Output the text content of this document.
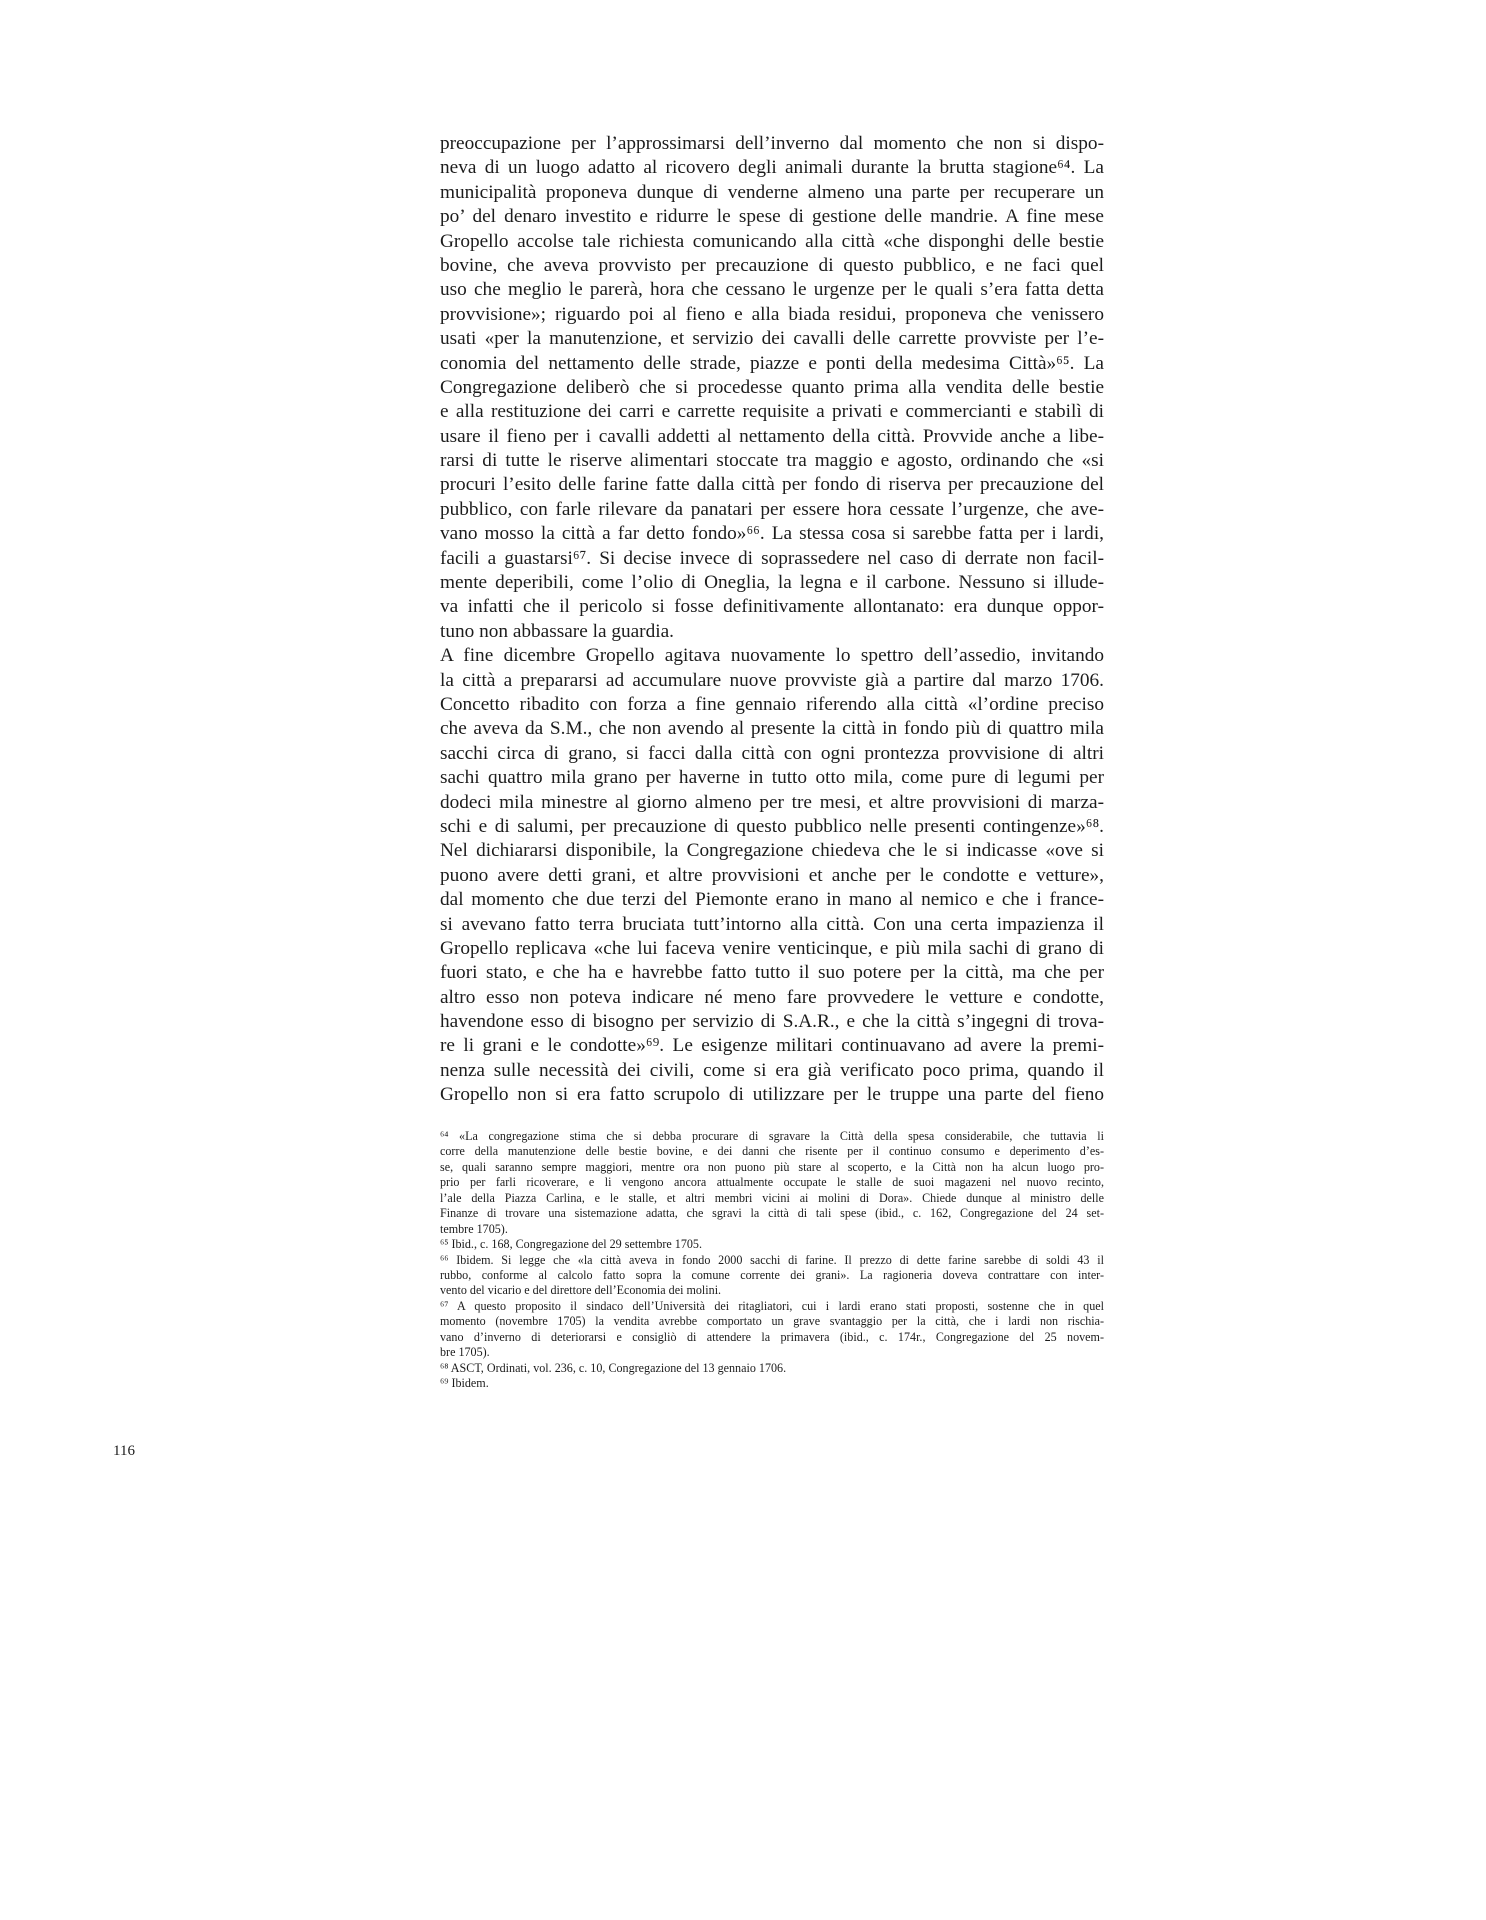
preoccupazione per l’approssimarsi dell’inverno dal momento che non si dispo-
neva di un luogo adatto al ricovero degli animali durante la brutta stagione⁶⁴. La
municipalità proponeva dunque di venderne almeno una parte per recuperare un
po’ del denaro investito e ridurre le spese di gestione delle mandrie. A fine mese
Gropello accolse tale richiesta comunicando alla città «che disponghi delle bestie
bovine, che aveva provvisto per precauzione di questo pubblico, e ne faci quel
uso che meglio le parerà, hora che cessano le urgenze per le quali s’era fatta detta
provvisione»; riguardo poi al fieno e alla biada residui, proponeva che venissero
usati «per la manutenzione, et servizio dei cavalli delle carrette provviste per l’e-
conomia del nettamento delle strade, piazze e ponti della medesima Città»⁶⁵. La
Congregazione deliberò che si procedesse quanto prima alla vendita delle bestie
e alla restituzione dei carri e carrette requisite a privati e commercianti e stabilì di
usare il fieno per i cavalli addetti al nettamento della città. Provvide anche a libe-
rarsi di tutte le riserve alimentari stoccate tra maggio e agosto, ordinando che «si
procuri l’esito delle farine fatte dalla città per fondo di riserva per precauzione del
pubblico, con farle rilevare da panatari per essere hora cessate l’urgenze, che ave-
vano mosso la città a far detto fondo»⁶⁶. La stessa cosa si sarebbe fatta per i lardi,
facili a guastarsi⁶⁷. Si decise invece di soprassedere nel caso di derrate non facil-
mente deperibili, come l’olio di Oneglia, la legna e il carbone. Nessuno si illude-
va infatti che il pericolo si fosse definitivamente allontanato: era dunque oppor-
tuno non abbassare la guardia.
A fine dicembre Gropello agitava nuovamente lo spettro dell’assedio, invitando
la città a prepararsi ad accumulare nuove provviste già a partire dal marzo 1706.
Concetto ribadito con forza a fine gennaio riferendo alla città «l’ordine preciso
che aveva da S.M., che non avendo al presente la città in fondo più di quattro mila
sacchi circa di grano, si facci dalla città con ogni prontezza provvisione di altri
sachi quattro mila grano per haverne in tutto otto mila, come pure di legumi per
dodeci mila minestre al giorno almeno per tre mesi, et altre provvisioni di marza-
schi e di salumi, per precauzione di questo pubblico nelle presenti contingenze»⁶⁸.
Nel dichiararsi disponibile, la Congregazione chiedeva che le si indicasse «ove si
puono avere detti grani, et altre provvisioni et anche per le condotte e vetture»,
dal momento che due terzi del Piemonte erano in mano al nemico e che i france-
si avevano fatto terra bruciata tutt’intorno alla città. Con una certa impazienza il
Gropello replicava «che lui faceva venire venticinque, e più mila sachi di grano di
fuori stato, e che ha e havrebbe fatto tutto il suo potere per la città, ma che per
altro esso non poteva indicare né meno fare provvedere le vetture e condotte,
havendone esso di bisogno per servizio di S.A.R., e che la città s’ingegni di trova-
re li grani e le condotte»⁶⁹. Le esigenze militari continuavano ad avere la premi-
nenza sulle necessità dei civili, come si era già verificato poco prima, quando il
Gropello non si era fatto scrupolo di utilizzare per le truppe una parte del fieno
⁶⁴ «La congregazione stima che si debba procurare di sgravare la Città della spesa considerabile, che tuttavia li
corre della manutenzione delle bestie bovine, e dei danni che risente per il continuo consumo e deperimento d’es-
se, quali saranno sempre maggiori, mentre ora non puono più stare al scoperto, e la Città non ha alcun luogo pro-
prio per farli ricoverare, e li vengono ancora attualmente occupate le stalle de suoi magazeni nel nuovo recinto,
l’ale della Piazza Carlina, e le stalle, et altri membri vicini ai molini di Dora». Chiede dunque al ministro delle
Finanze di trovare una sistemazione adatta, che sgravi la città di tali spese (ibid., c. 162, Congregazione del 24 set-
tembre 1705).
⁶⁵ Ibid., c. 168, Congregazione del 29 settembre 1705.
⁶⁶ Ibidem. Si legge che «la città aveva in fondo 2000 sacchi di farine. Il prezzo di dette farine sarebbe di soldi 43 il
rubbo, conforme al calcolo fatto sopra la comune corrente dei grani». La ragioneria doveva contrattare con inter-
vento del vicario e del direttore dell’Economia dei molini.
⁶⁷ A questo proposito il sindaco dell’Università dei ritagliatori, cui i lardi erano stati proposti, sostenne che in quel
momento (novembre 1705) la vendita avrebbe comportato un grave svantaggio per la città, che i lardi non rischia-
vano d’inverno di deteriorarsi e consigliò di attendere la primavera (ibid., c. 174r., Congregazione del 25 novem-
bre 1705).
⁶⁸ ASCT, Ordinati, vol. 236, c. 10, Congregazione del 13 gennaio 1706.
⁶⁹ Ibidem.
116
